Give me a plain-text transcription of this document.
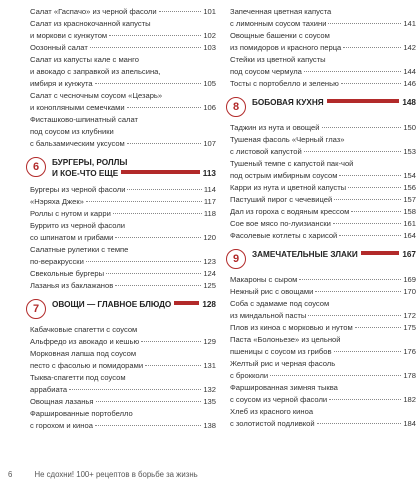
Салат «Гаспачо» из черной фасоли	101
Салат из краснокочанной капусты
и моркови с кунжутом	102
Оозонный салат	103
Салат из капусты кале с манго
и авокадо с заправкой из апельсина,
имбиря и кунжута	105
Салат с чесночным соусом «Цезарь»
и конопляными семечками	106
Фисташково-шпинатный салат
под соусом из клубники
с бальзамическим уксусом	107
6	БУРГЕРЫ, РОЛЛЫ
И КОЕ-ЧТО ЕЩЕ	113
Бургеры из черной фасоли	114
«Нэряха Джек»	117
Роллы с нутом и карри	118
Буррито из черной фасоли
со шпинатом и грибами	120
Салатные рулетики с темпе
по-веракрусски	123
Свекольные бургеры	124
Лазанья из баклажанов	125
7	ОВОЩИ — ГЛАВНОЕ БЛЮДО	128
Кабачковые спагетти с соусом
Альфредо из авокадо и кешью	129
Морковная лапша под соусом
песто с фасолью и помидорами	131
Тыква-спагетти под соусом
аррабиата	132
Овощная лазанья	135
Фаршированные портобелло
с горохом и киноа	138
Запеченная цветная капуста
с лимонным соусом тахини	141
Овощные башенки с соусом
из помидоров и красного перца	142
Стейки из цветной капусты
под соусом чермула	144
Тосты с портобелло и зеленью	146
8	БОБОВАЯ КУХНЯ	148
Таджин из нута и овощей	150
Тушеная фасоль «Черный глаз»
с листовой капустой	153
Тушеный темпе с капустой пак-чой
под острым имбирным соусом	154
Карри из нута и цветной капусты	156
Пастуший пирог с чечевицей	157
Дал из гороха с водяным крессом	158
Сое вое мясо по-луизиански	161
Фасолевые котлеты с харисой	164
9	ЗАМЕЧАТЕЛЬНЫЕ ЗЛАКИ	167
Макароны с сыром	169
Нежный рис с овощами	170
Соба с эдамаме под соусом
из миндальной пасты	172
Плов из киноа с морковью и нутом	175
Паста «Болоньезе» из цельной
пшеницы с соусом из грибов	176
Желтый рис и черная фасоль
с брокколи	178
Фаршированная зимняя тыква
с соусом из черной фасоли	182
Хлеб из красного киноа
с золотистой подливкой	184
6	Не сдохни! 100+ рецептов в борьбе за жизнь
